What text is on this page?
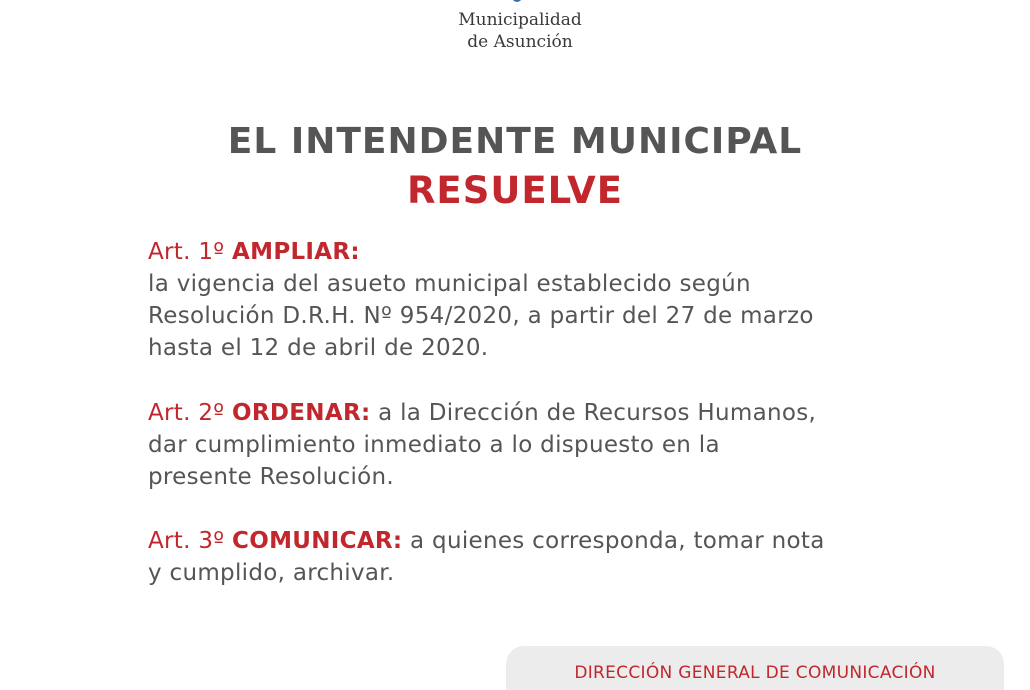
Municipalidad
de Asunción
EL INTENDENTE MUNICIPAL
RESUELVE
Art. 1º AMPLIAR:
la vigencia del asueto municipal establecido según
Resolución D.R.H. Nº 954/2020, a partir del 27 de marzo
hasta el 12 de abril de 2020.
Art. 2º ORDENAR: a la Dirección de Recursos Humanos,
dar cumplimiento inmediato a lo dispuesto en la
presente Resolución.
Art. 3º COMUNICAR: a quienes corresponda, tomar nota
y cumplido, archivar.
DIRECCIÓN GENERAL DE COMUNICACIÓN
